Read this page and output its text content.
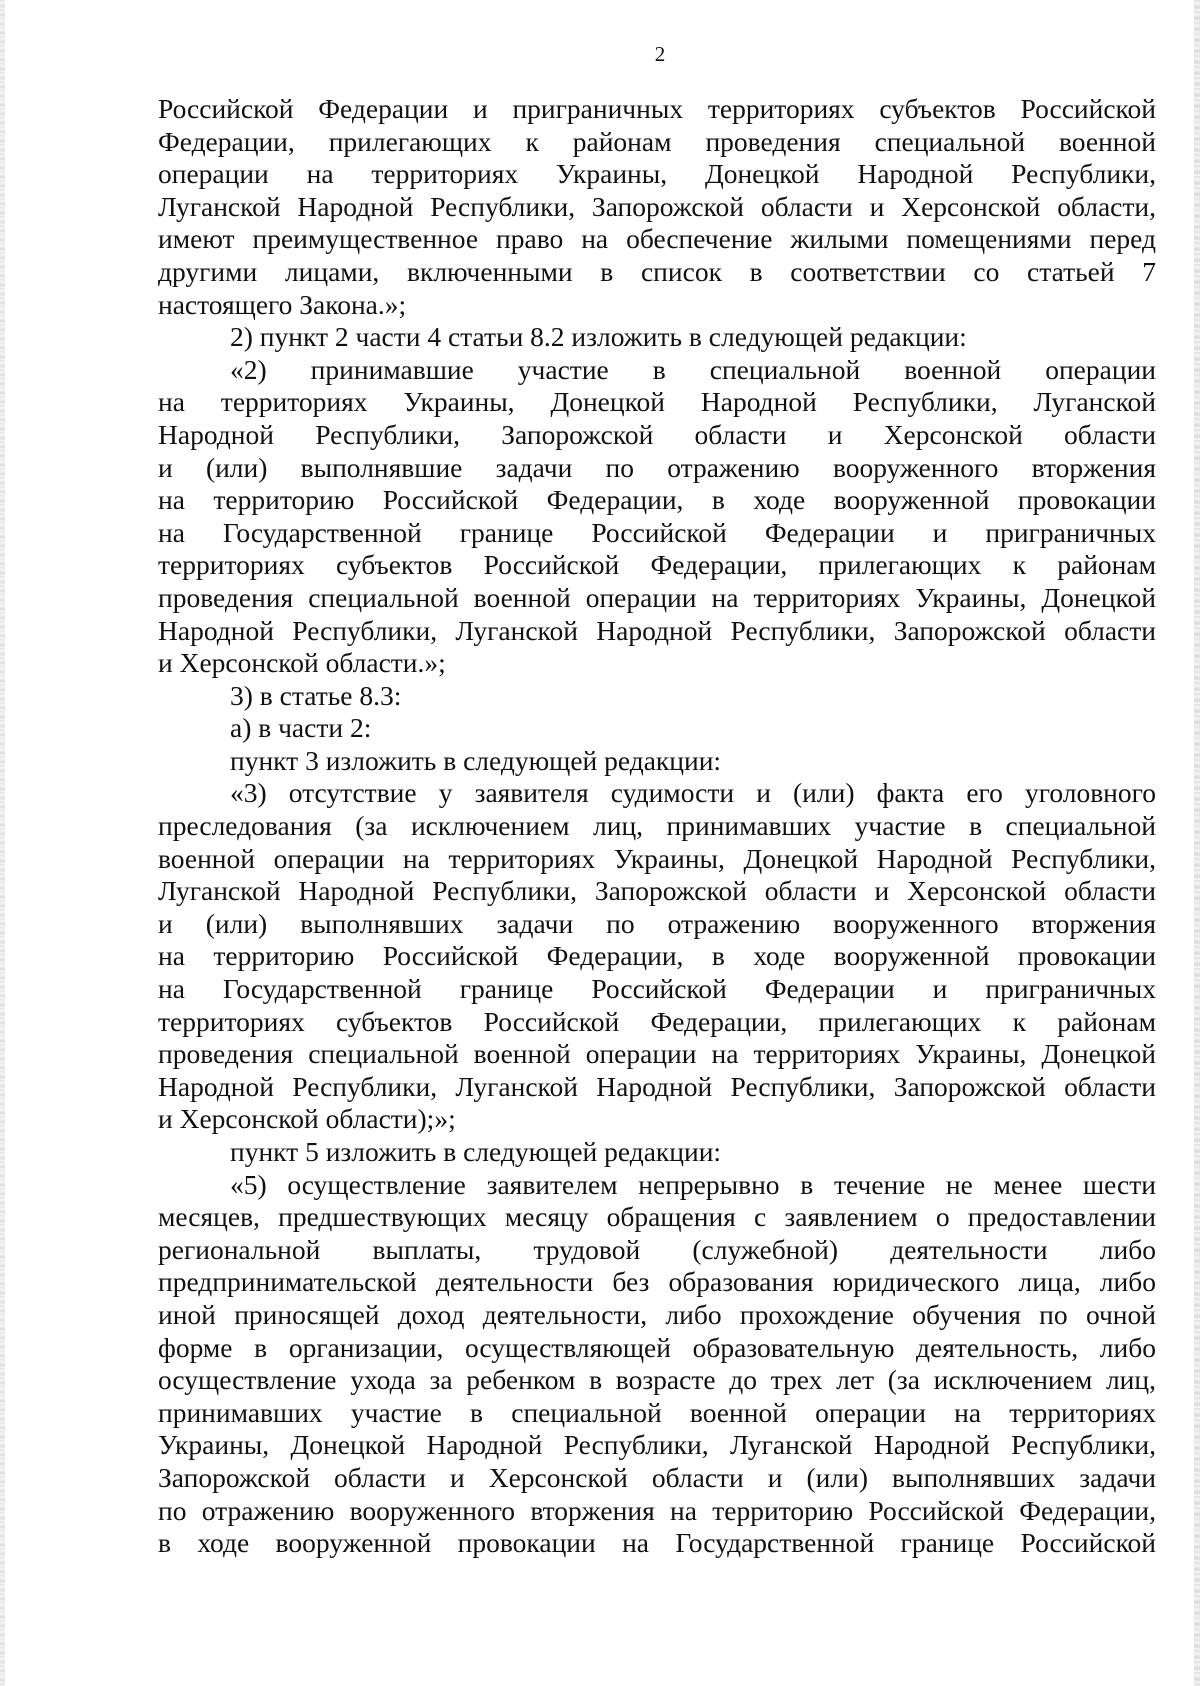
2
Российской Федерации и приграничных территориях субъектов Российской
Федерации, прилегающих к районам проведения специальной военной
операции на территориях Украины, Донецкой Народной Республики,
Луганской Народной Республики, Запорожской области и Херсонской области,
имеют преимущественное право на обеспечение жилыми помещениями перед
другими лицами, включенными в список в соответствии со статьей 7
настоящего Закона.»;
2) пункт 2 части 4 статьи 8.2 изложить в следующей редакции:
«2) принимавшие участие в специальной военной операции
на территориях Украины, Донецкой Народной Республики, Луганской
Народной Республики, Запорожской области и Херсонской области
и (или) выполнявшие задачи по отражению вооруженного вторжения
на территорию Российской Федерации, в ходе вооруженной провокации
на Государственной границе Российской Федерации и приграничных
территориях субъектов Российской Федерации, прилегающих к районам
проведения специальной военной операции на территориях Украины, Донецкой
Народной Республики, Луганской Народной Республики, Запорожской области
и Херсонской области.»;
3) в статье 8.3:
а) в части 2:
пункт 3 изложить в следующей редакции:
«3) отсутствие у заявителя судимости и (или) факта его уголовного
преследования (за исключением лиц, принимавших участие в специальной
военной операции на территориях Украины, Донецкой Народной Республики,
Луганской Народной Республики, Запорожской области и Херсонской области
и (или) выполнявших задачи по отражению вооруженного вторжения
на территорию Российской Федерации, в ходе вооруженной провокации
на Государственной границе Российской Федерации и приграничных
территориях субъектов Российской Федерации, прилегающих к районам
проведения специальной военной операции на территориях Украины, Донецкой
Народной Республики, Луганской Народной Республики, Запорожской области
и Херсонской области);»;
пункт 5 изложить в следующей редакции:
«5) осуществление заявителем непрерывно в течение не менее шести
месяцев, предшествующих месяцу обращения с заявлением о предоставлении
региональной выплаты, трудовой (служебной) деятельности либо
предпринимательской деятельности без образования юридического лица, либо
иной приносящей доход деятельности, либо прохождение обучения по очной
форме в организации, осуществляющей образовательную деятельность, либо
осуществление ухода за ребенком в возрасте до трех лет (за исключением лиц,
принимавших участие в специальной военной операции на территориях
Украины, Донецкой Народной Республики, Луганской Народной Республики,
Запорожской области и Херсонской области и (или) выполнявших задачи
по отражению вооруженного вторжения на территорию Российской Федерации,
в ходе вооруженной провокации на Государственной границе Российской
